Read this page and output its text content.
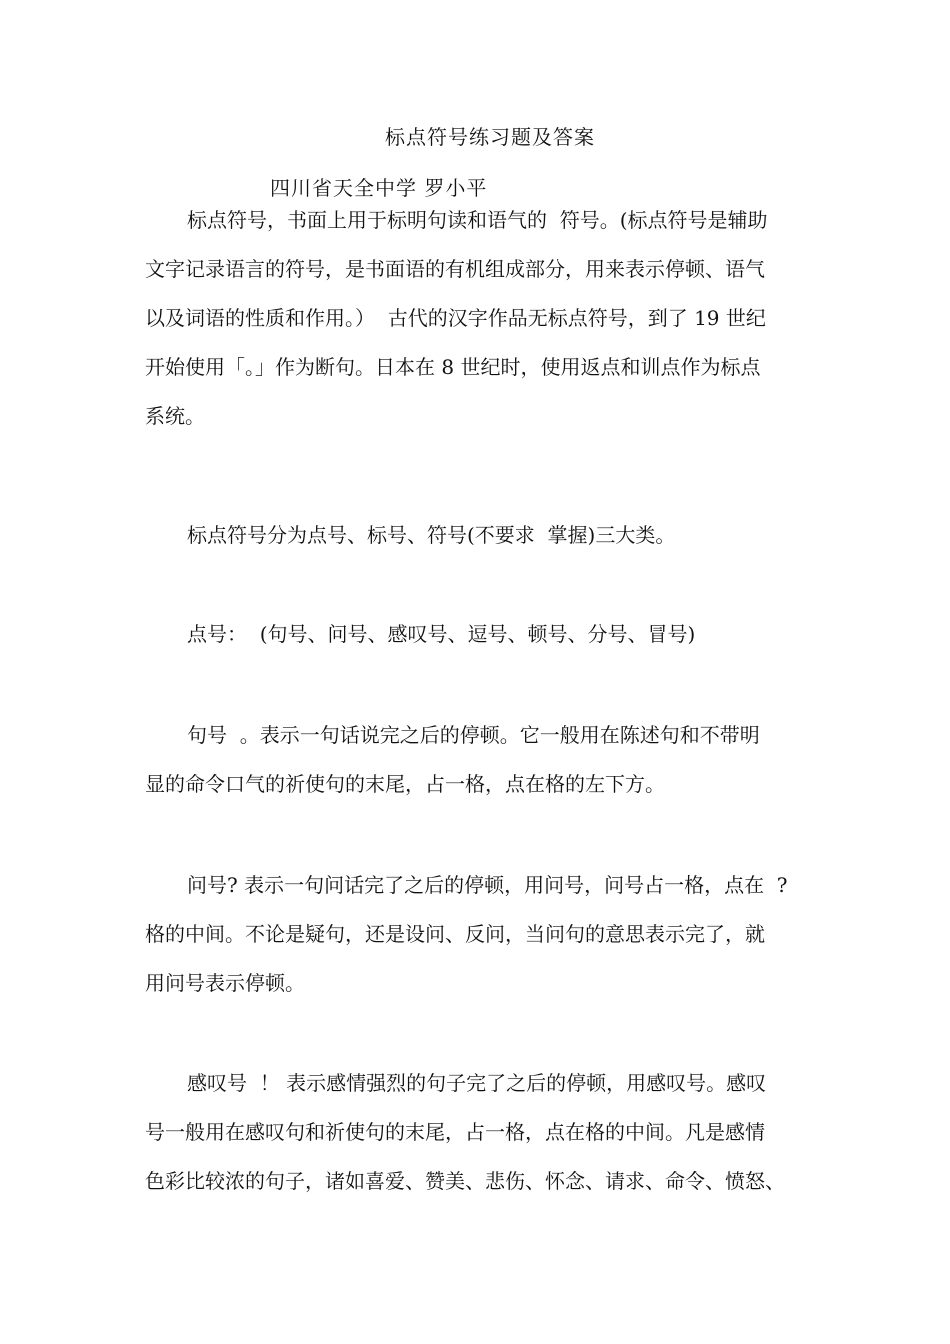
标点符号练习题及答案
四川省天全中学 罗小平
标点符号，书面上用于标明句读和语气的  符号。(标点符号是辅助
文字记录语言的符号，是书面语的有机组成部分，用来表示停顿、语气
以及词语的性质和作用。）  古代的汉字作品无标点符号，到了 19 世纪
开始使用「。」作为断句。日本在 8 世纪时，使用返点和训点作为标点
系统。
标点符号分为点号、标号、符号(不要求  掌握)三大类。
点号：  (句号、问号、感叹号、逗号、顿号、分号、冒号)
句号  。表示一句话说完之后的停顿。它一般用在陈述句和不带明
显的命令口气的祈使句的末尾，占一格，点在格的左下方。
问号? 表示一句问话完了之后的停顿，用问号，问号占一格，点在  ?
格的中间。不论是疑句，还是设问、反问，当问句的意思表示完了，就
用问号表示停顿。
感叹号  ！ 表示感情强烈的句子完了之后的停顿，用感叹号。感叹
号一般用在感叹句和祈使句的末尾，占一格，点在格的中间。凡是感情
色彩比较浓的句子，诸如喜爱、赞美、悲伤、怀念、请求、命令、愤怒、
